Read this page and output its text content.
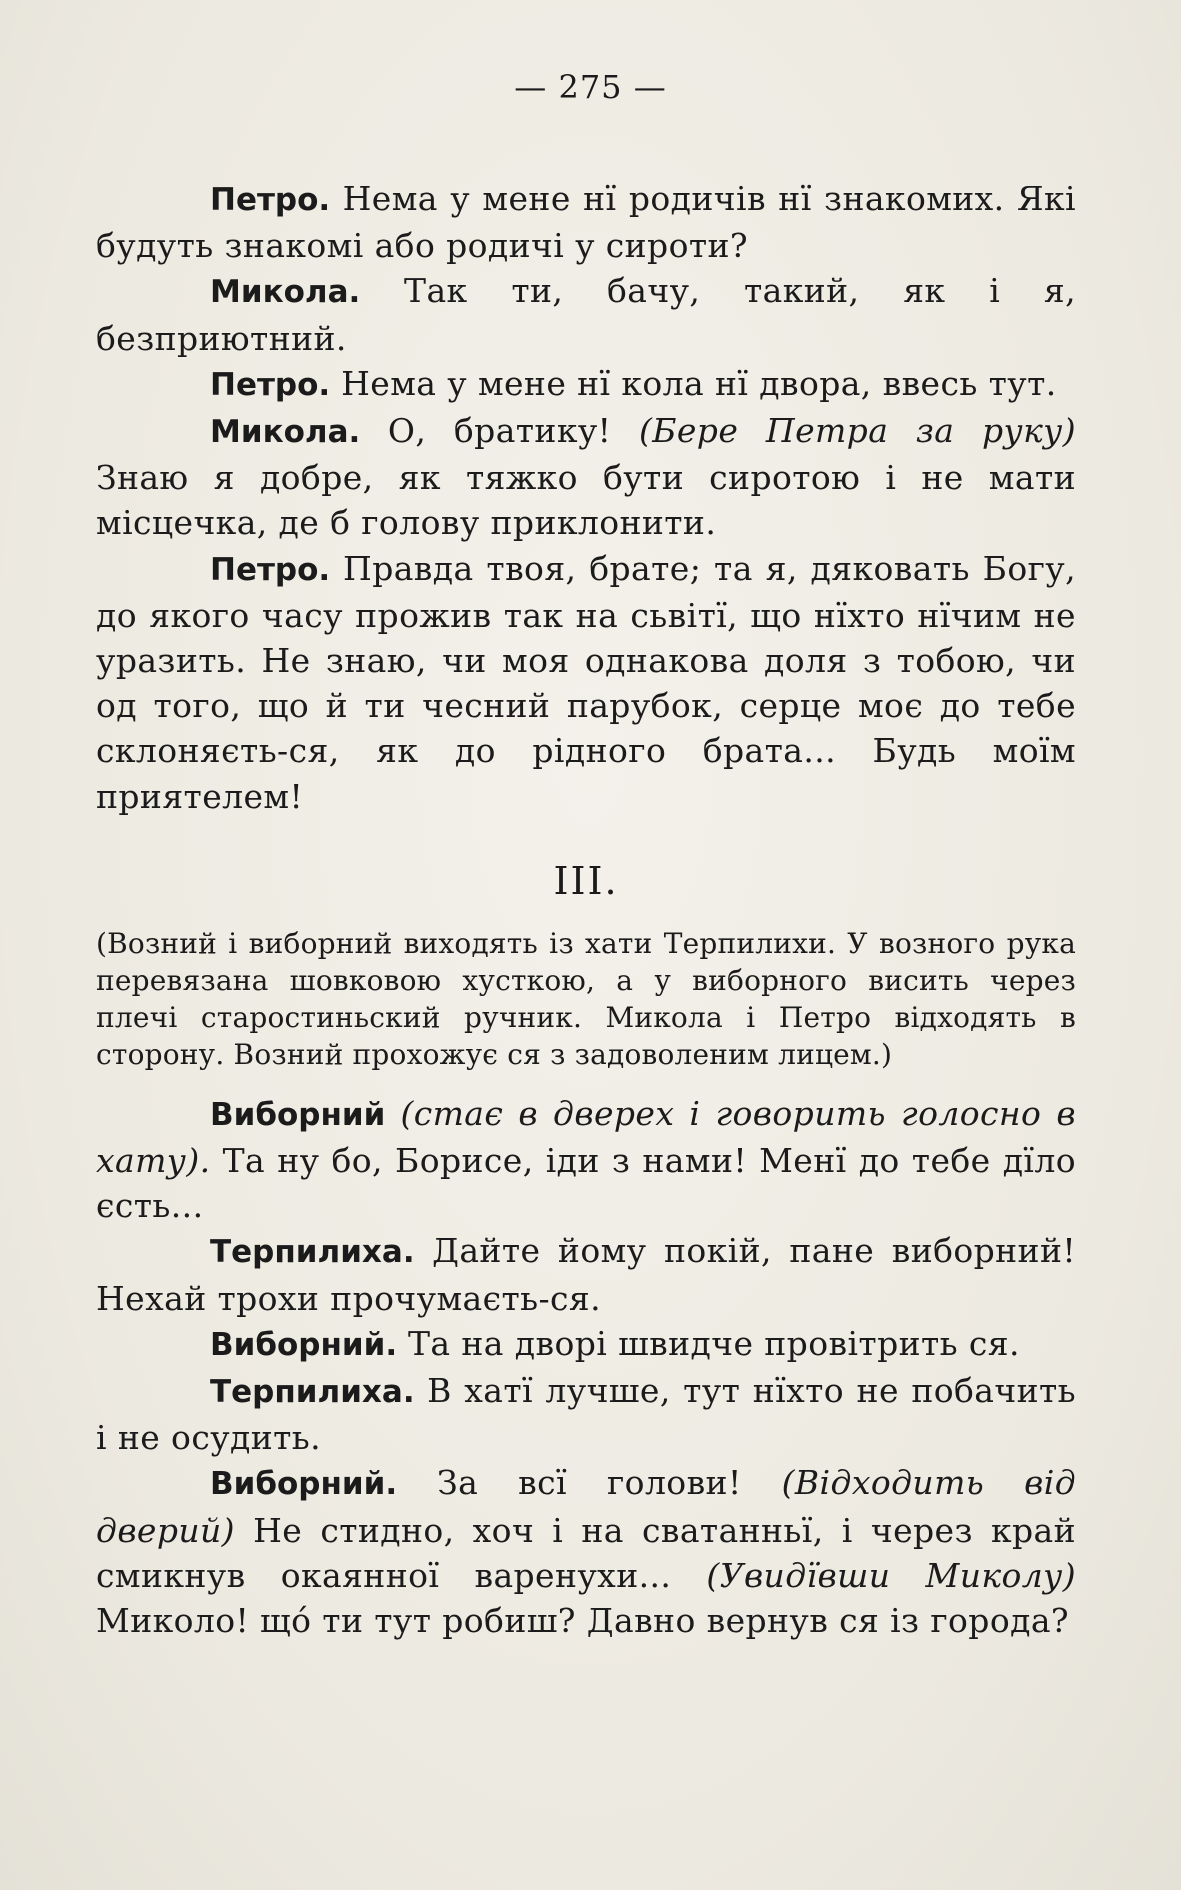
— 275 —

Петро. Нема у мене нї родичів нї знакомих. Які будуть знакомі або родичі у сироти?

Микола. Так ти, бачу, такий, як і я, безприютний.

Петро. Нема у мене нї кола нї двора, ввесь тут.

Микола. О, братику! (Бере Петра за руку) Знаю я добре, як тяжко бути сиротою і не мати місцечка, де б голову приклонити.

Петро. Правда твоя, брате; та я, дяковать Богу, до якого часу прожив так на сьвітї, що нїхто нїчим не уразить. Не знаю, чи моя однакова доля з тобою, чи од того, що й ти чесний парубок, серце моє до тебе склоняєть-ся, як до рідного брата... Будь моїм приятелем!

III.

(Возний і виборний виходять із хати Терпилихи. У возного рука перевязана шовковою хусткою, а у виборного висить через плечі старостиньский ручник. Микола і Петро відходять в сторону. Возний прохожує ся з задоволеним лицем.)

Виборний (стає в дверех і говорить голосно в хату). Та ну бо, Борисе, іди з нами! Менї до тебе дїло єсть...

Терпилиха. Дайте йому покій, пане виборний! Нехай трохи прочумаєть-ся.

Виборний. Та на дворі швидче провітрить ся.

Терпилиха. В хатї лучше, тут нїхто не побачить і не осудить.

Виборний. За всї голови! (Відходить від дверий) Не стидно, хоч і на сватанньї, і через край смикнув окаянної варенухи... (Увидївши Миколу) Миколо! щó ти тут робиш? Давно вернув ся із города?
